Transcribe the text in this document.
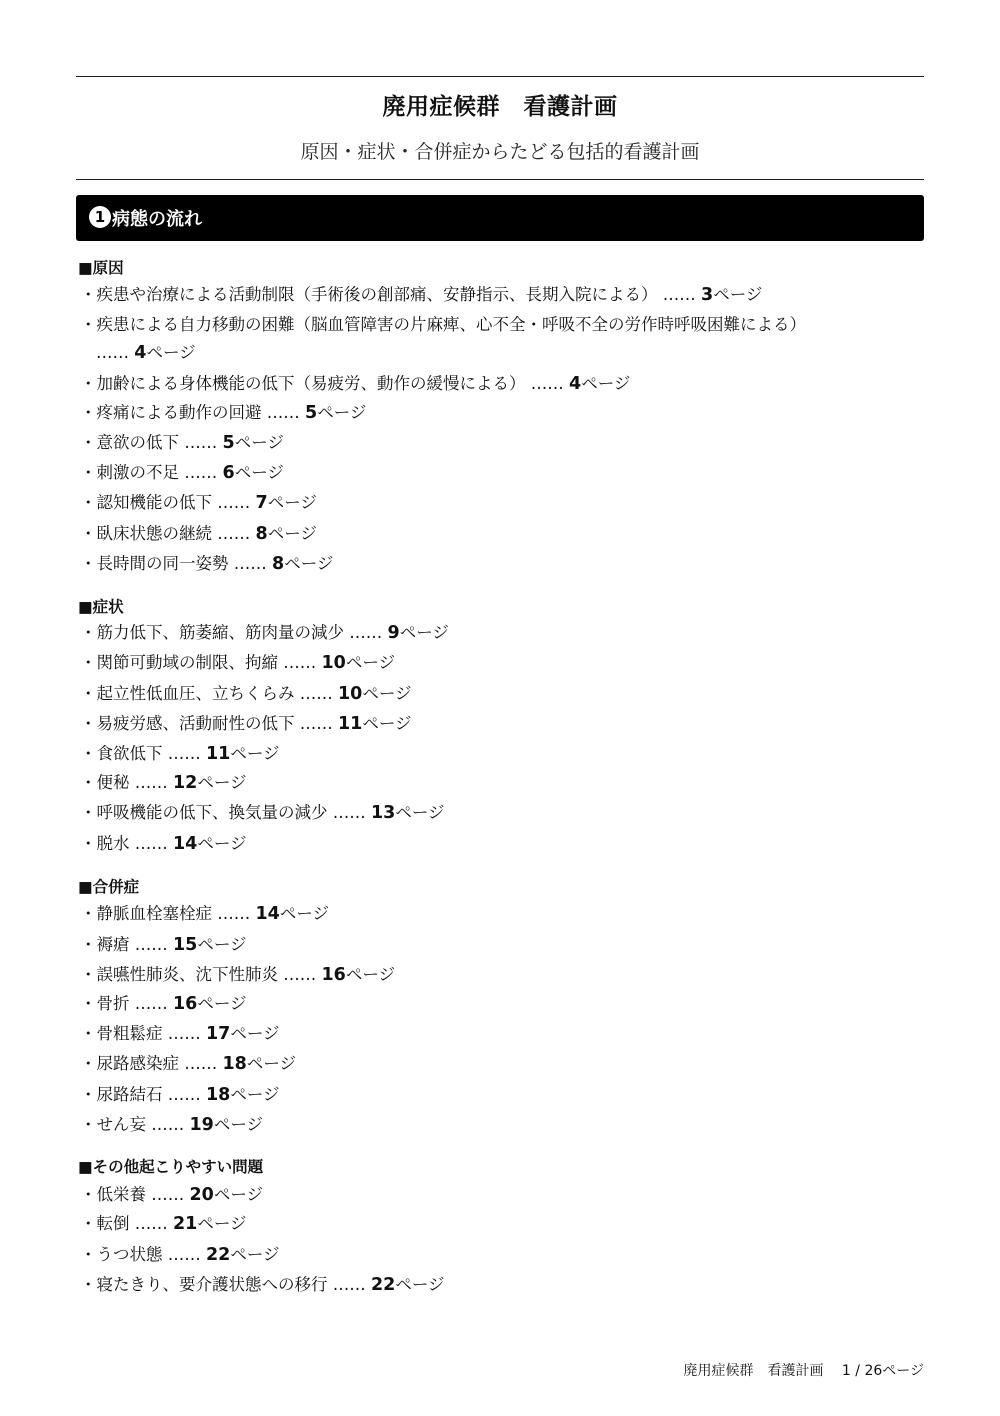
廃用症候群　看護計画
原因・症状・合併症からたどる包括的看護計画
1 病態の流れ
■原因
・疾患や治療による活動制限（手術後の創部痛、安静指示、長期入院による） …… 3ページ
・疾患による自力移動の困難（脳血管障害の片麻痺、心不全・呼吸不全の労作時呼吸困難による）
…… 4ページ
・加齢による身体機能の低下（易疲労、動作の緩慢による） …… 4ページ
・疼痛による動作の回避 …… 5ページ
・意欲の低下 …… 5ページ
・刺激の不足 …… 6ページ
・認知機能の低下 …… 7ページ
・臥床状態の継続 …… 8ページ
・長時間の同一姿勢 …… 8ページ
■症状
・筋力低下、筋萎縮、筋肉量の減少 …… 9ページ
・関節可動域の制限、拘縮 …… 10ページ
・起立性低血圧、立ちくらみ …… 10ページ
・易疲労感、活動耐性の低下 …… 11ページ
・食欲低下 …… 11ページ
・便秘 …… 12ページ
・呼吸機能の低下、換気量の減少 …… 13ページ
・脱水 …… 14ページ
■合併症
・静脈血栓塞栓症 …… 14ページ
・褥瘡 …… 15ページ
・誤嚥性肺炎、沈下性肺炎 …… 16ページ
・骨折 …… 16ページ
・骨粗鬆症 …… 17ページ
・尿路感染症 …… 18ページ
・尿路結石 …… 18ページ
・せん妄 …… 19ページ
■その他起こりやすい問題
・低栄養 …… 20ページ
・転倒 …… 21ページ
・うつ状態 …… 22ページ
・寝たきり、要介護状態への移行 …… 22ページ
廃用症候群　看護計画　 1 / 26ページ
